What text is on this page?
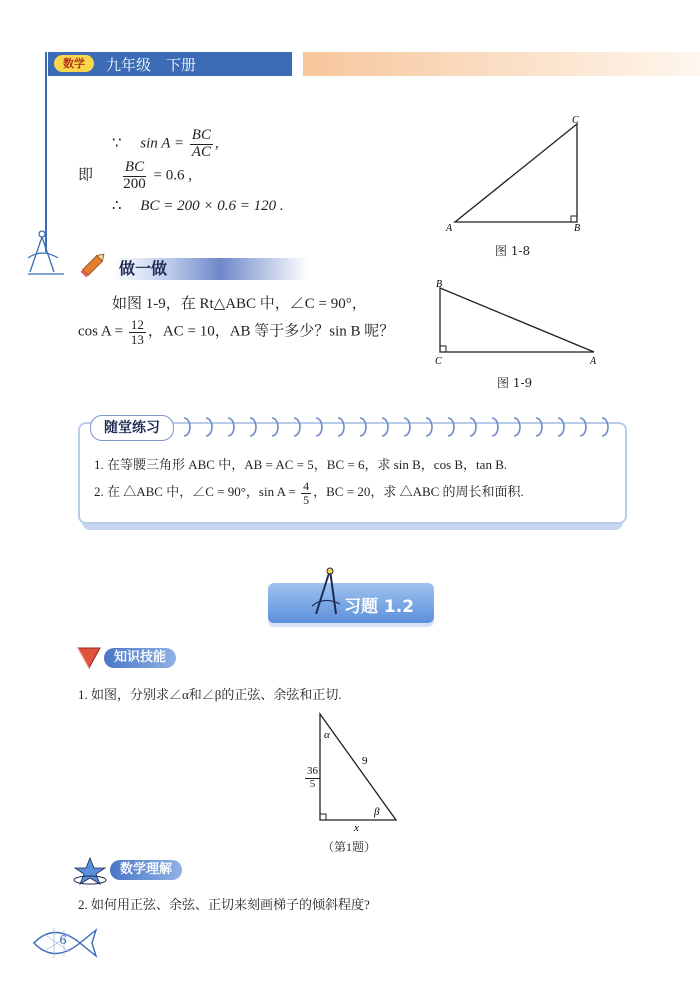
数学	九年级　下册
∵ $\sin A = \frac{BC}{AC}$ ,
即 $\frac{BC}{200} = 0.6$ ,
∴ BC = 200 × 0.6 = 120 .
C
A	B
图 1-8
做一做
如图 1-9，在 Rt△ABC 中，∠C = 90°，
$\cos A = \frac{12}{13}$ ，AC = 10，AB 等于多少？sin B 呢？
B
C	A
图 1-9
随堂练习
1. 在等腰三角形 ABC 中，AB = AC = 5，BC = 6，求 sin B，cos B，tan B.
2. 在 △ABC 中，∠C = 90°，$\sin A = \frac{4}{5}$ ，BC = 20，求 △ABC 的周长和面积.
习题 1.2
知识技能
1. 如图，分别求∠α和∠β的正弦、余弦和正切.
α
9
β
x
$\frac{36}{5}$
（第1题）
数学理解
2. 如何用正弦、余弦、正切来刻画梯子的倾斜程度?
6
